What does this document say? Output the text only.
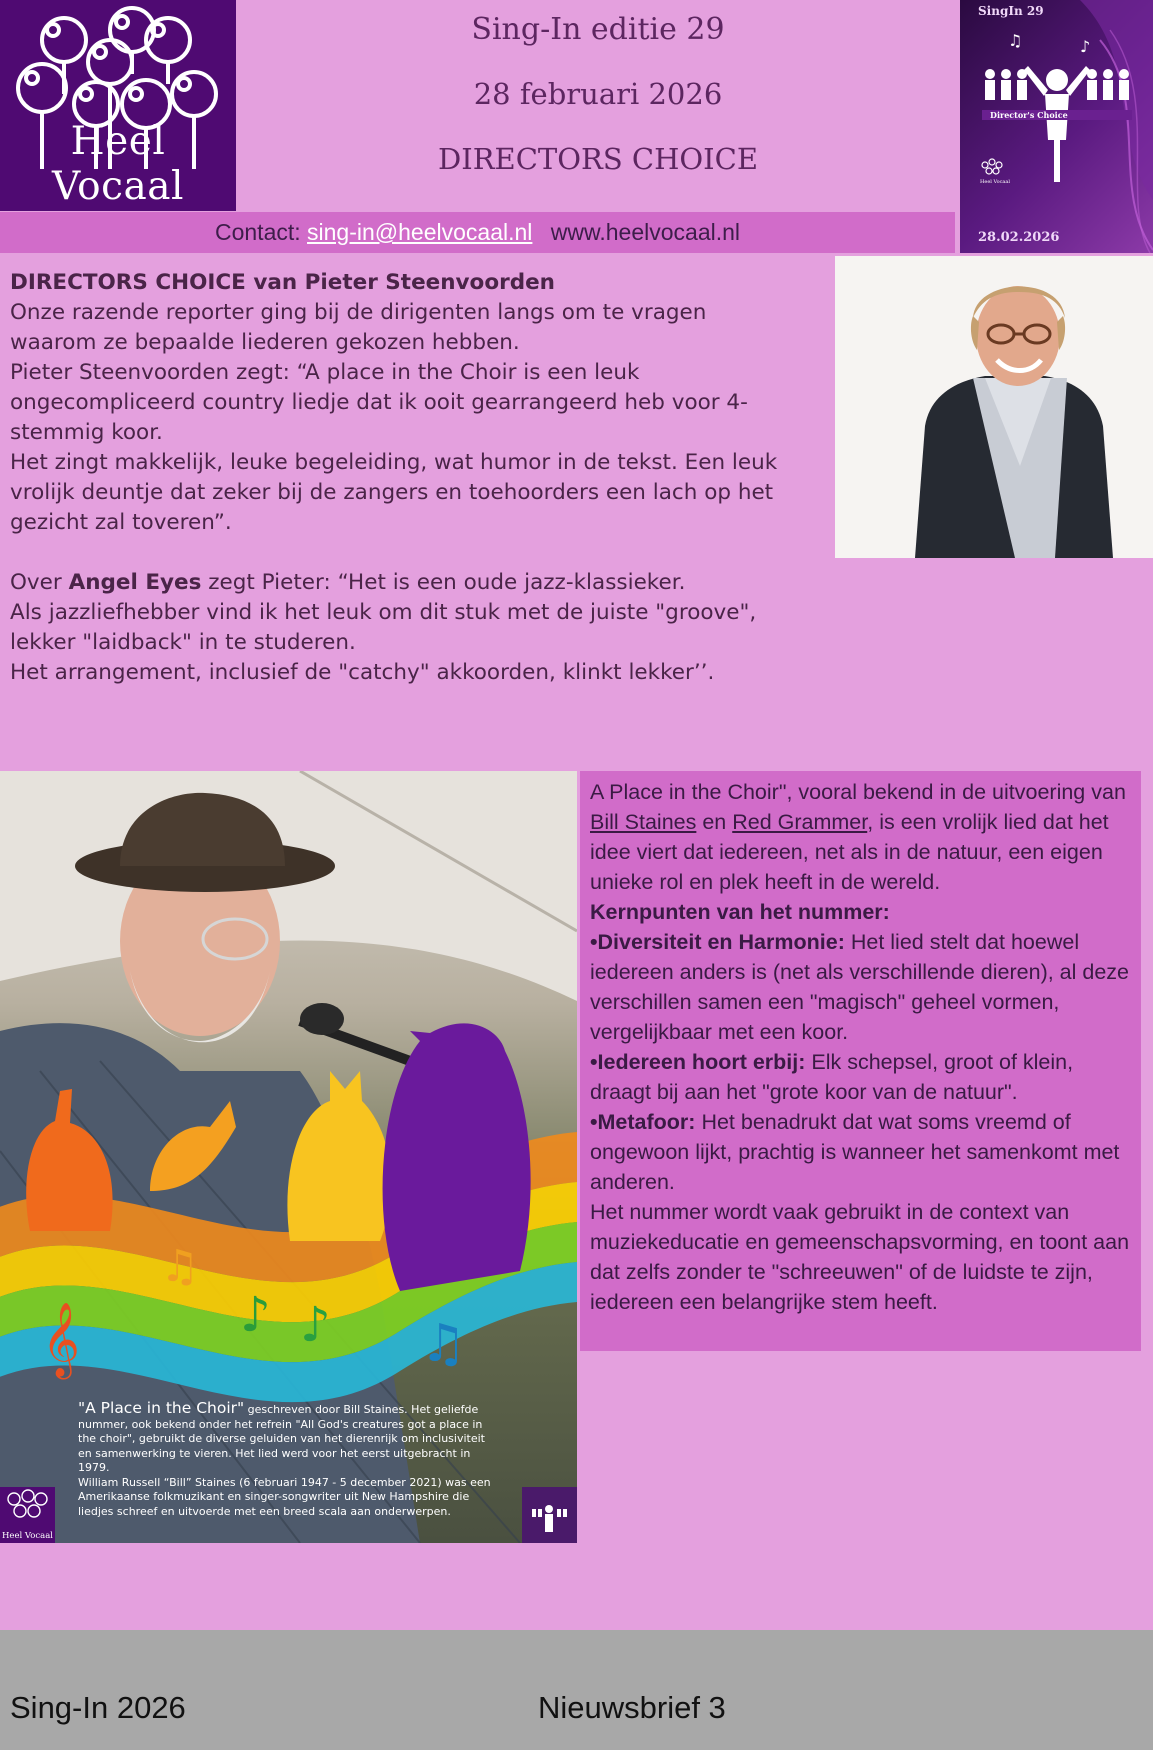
Heel Vocaal
Sing-In editie 29
28 februari 2026
DIRECTORS CHOICE
Contact: sing-in@heelvocaal.nl www.heelvocaal.nl
Director's Choice
Heel Vocaal
♫	♪
SingIn 29
28.02.2026

DIRECTORS CHOICE van Pieter Steenvoorden

Onze razende reporter ging bij de dirigenten langs om te vragen waarom ze bepaalde liederen gekozen hebben.

Pieter Steenvoorden zegt: “A place in the Choir is een leuk ongecompliceerd country liedje dat ik ooit gearrangeerd heb voor 4-stemmig koor.

Het zingt makkelijk, leuke begeleiding, wat humor in de tekst. Een leuk vrolijk deuntje dat zeker bij de zangers en toehoorders een lach op het gezicht zal toveren”.

Over Angel Eyes zegt Pieter: “Het is een oude jazz-klassieker.

Als jazzliefhebber vind ik het leuk om dit stuk met de juiste "groove", lekker "laidback" in te studeren.

Het arrangement, inclusief de "catchy" akkoorden, klinkt lekker’’.

𝄞
♫
♪ ♪ ♫
"A Place in the Choir" geschreven door Bill Staines. Het geliefde nummer, ook bekend onder het refrein "All God's creatures got a place in the choir", gebruikt de diverse geluiden van het dierenrijk om inclusiviteit en samenwerking te vieren. Het lied werd voor het eerst uitgebracht in 1979.
William Russell “Bill” Staines (6 februari 1947 - 5 december 2021) was een Amerikaanse folkmuzikant en singer-songwriter uit New Hampshire die liedjes schreef en uitvoerde met een breed scala aan onderwerpen.
Heel Vocaal

A Place in the Choir", vooral bekend in de uitvoering van Bill Staines en Red Grammer, is een vrolijk lied dat het idee viert dat iedereen, net als in de natuur, een eigen unieke rol en plek heeft in de wereld.

Kernpunten van het nummer:

•Diversiteit en Harmonie: Het lied stelt dat hoewel iedereen anders is (net als verschillende dieren), al deze verschillen samen een "magisch" geheel vormen, vergelijkbaar met een koor.

•Iedereen hoort erbij: Elk schepsel, groot of klein, draagt bij aan het "grote koor van de natuur".

•Metafoor: Het benadrukt dat wat soms vreemd of ongewoon lijkt, prachtig is wanneer het samenkomt met anderen.

Het nummer wordt vaak gebruikt in de context van muziekeducatie en gemeenschapsvorming, en toont aan dat zelfs zonder te "schreeuwen" of de luidste te zijn, iedereen een belangrijke stem heeft.

Sing-In 2026	Nieuwsbrief 3
